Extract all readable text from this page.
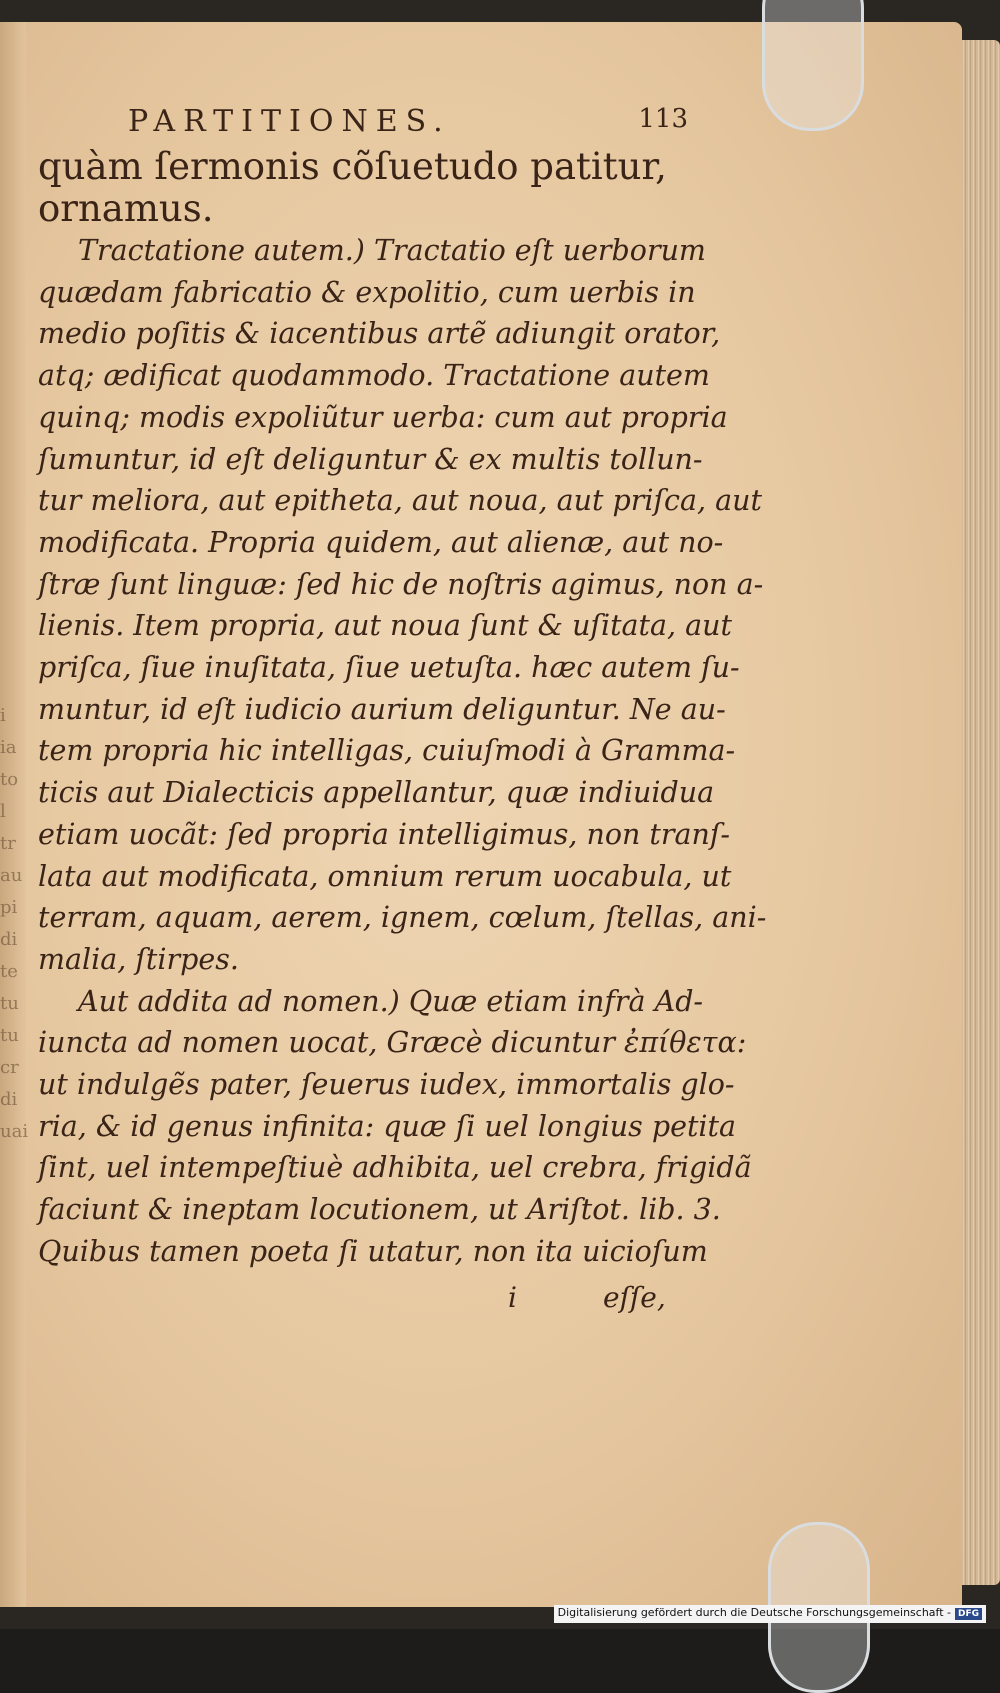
i
ia
to
l
tr
au
pi
di
te
tu
tu
cr
di
uai
PARTITIONES.	113
quàm ſermonis cõſuetudo patitur,
ornamus.
Tractatione autem.) Tractatio eſt uerborum
quædam fabricatio & expolitio, cum uerbis in
medio poſitis & iacentibus artẽ adiungit orator,
atq; ædificat quodammodo. Tractatione autem
quinq; modis expoliũtur uerba: cum aut propria
ſumuntur, id eſt deliguntur & ex multis tollun-
tur meliora, aut epitheta, aut noua, aut priſca, aut
modificata. Propria quidem, aut alienæ, aut no-
ſtræ ſunt linguæ: ſed hic de noſtris agimus, non a-
lienis. Item propria, aut noua ſunt & uſitata, aut
priſca, ſiue inuſitata, ſiue uetuſta. hæc autem ſu-
muntur, id eſt iudicio aurium deliguntur. Ne au-
tem propria hic intelligas, cuiuſmodi à Gramma-
ticis aut Dialecticis appellantur, quæ indiuidua
etiam uocãt: ſed propria intelligimus, non tranſ-
lata aut modificata, omnium rerum uocabula, ut
terram, aquam, aerem, ignem, cœlum, ſtellas, ani-
malia, ſtirpes.
Aut addita ad nomen.) Quæ etiam infrà Ad-
iuncta ad nomen uocat, Græcè dicuntur ἐπίθετα:
ut indulgẽs pater, ſeuerus iudex, immortalis glo-
ria, & id genus infinita: quæ ſi uel longius petita
ſint, uel intempeſtiuè adhibita, uel crebra, frigidã
faciunt & ineptam locutionem, ut Ariſtot. lib. 3.
Quibus tamen poeta ſi utatur, non ita uicioſum
i	eſſe,
Digitalisierung gefördert durch die Deutsche Forschungsgemeinschaft - DFG
